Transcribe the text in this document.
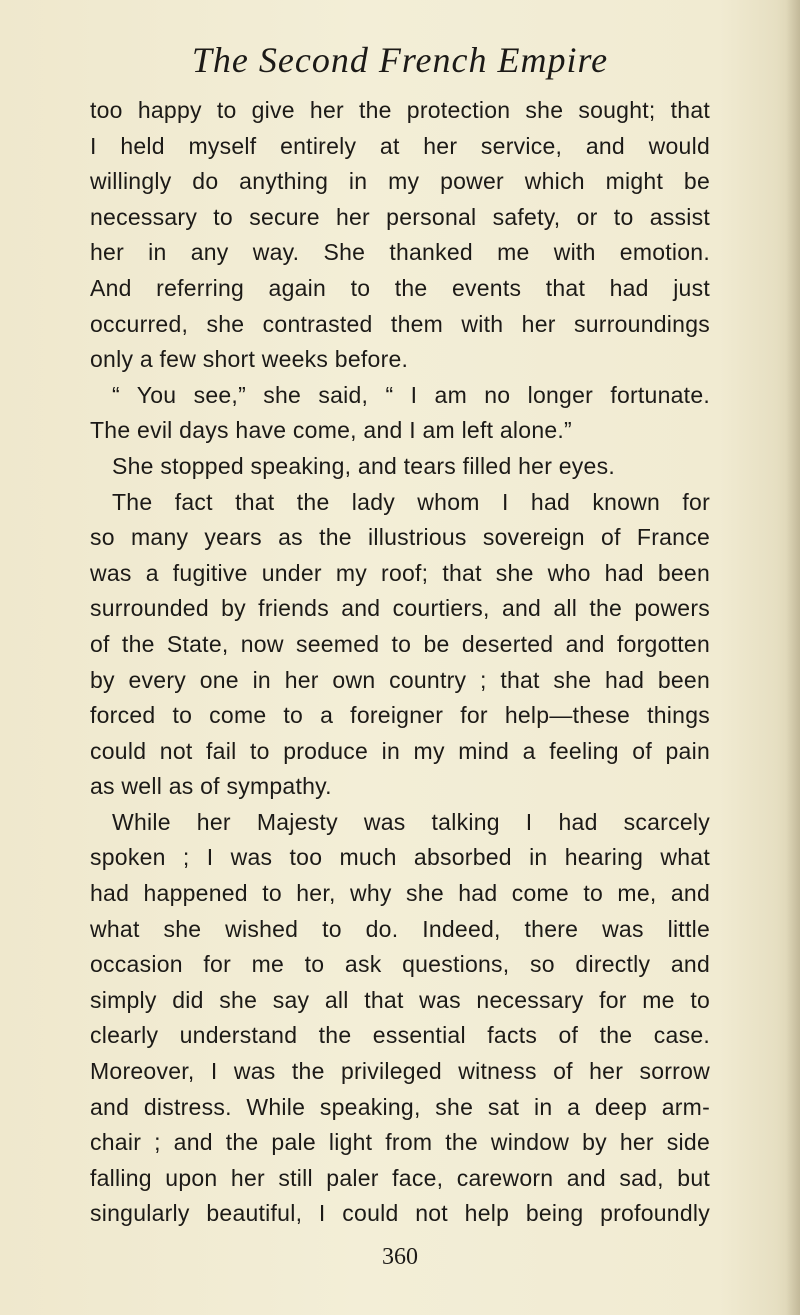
The Second French Empire
too happy to give her the protection she sought; that
I held myself entirely at her service, and would
willingly do anything in my power which might be
necessary to secure her personal safety, or to assist
her in any way. She thanked me with emotion.
And referring again to the events that had just
occurred, she contrasted them with her surroundings
only a few short weeks before.
“ You see,” she said, “ I am no longer fortunate.
The evil days have come, and I am left alone.”
She stopped speaking, and tears filled her eyes.
The fact that the lady whom I had known for
so many years as the illustrious sovereign of France
was a fugitive under my roof; that she who had been
surrounded by friends and courtiers, and all the powers
of the State, now seemed to be deserted and forgotten
by every one in her own country ; that she had been
forced to come to a foreigner for help—these things
could not fail to produce in my mind a feeling of pain
as well as of sympathy.
While her Majesty was talking I had scarcely
spoken ; I was too much absorbed in hearing what
had happened to her, why she had come to me, and
what she wished to do. Indeed, there was little
occasion for me to ask questions, so directly and
simply did she say all that was necessary for me to
clearly understand the essential facts of the case.
Moreover, I was the privileged witness of her sorrow
and distress. While speaking, she sat in a deep arm-
chair ; and the pale light from the window by her side
falling upon her still paler face, careworn and sad, but
singularly beautiful, I could not help being profoundly
360
